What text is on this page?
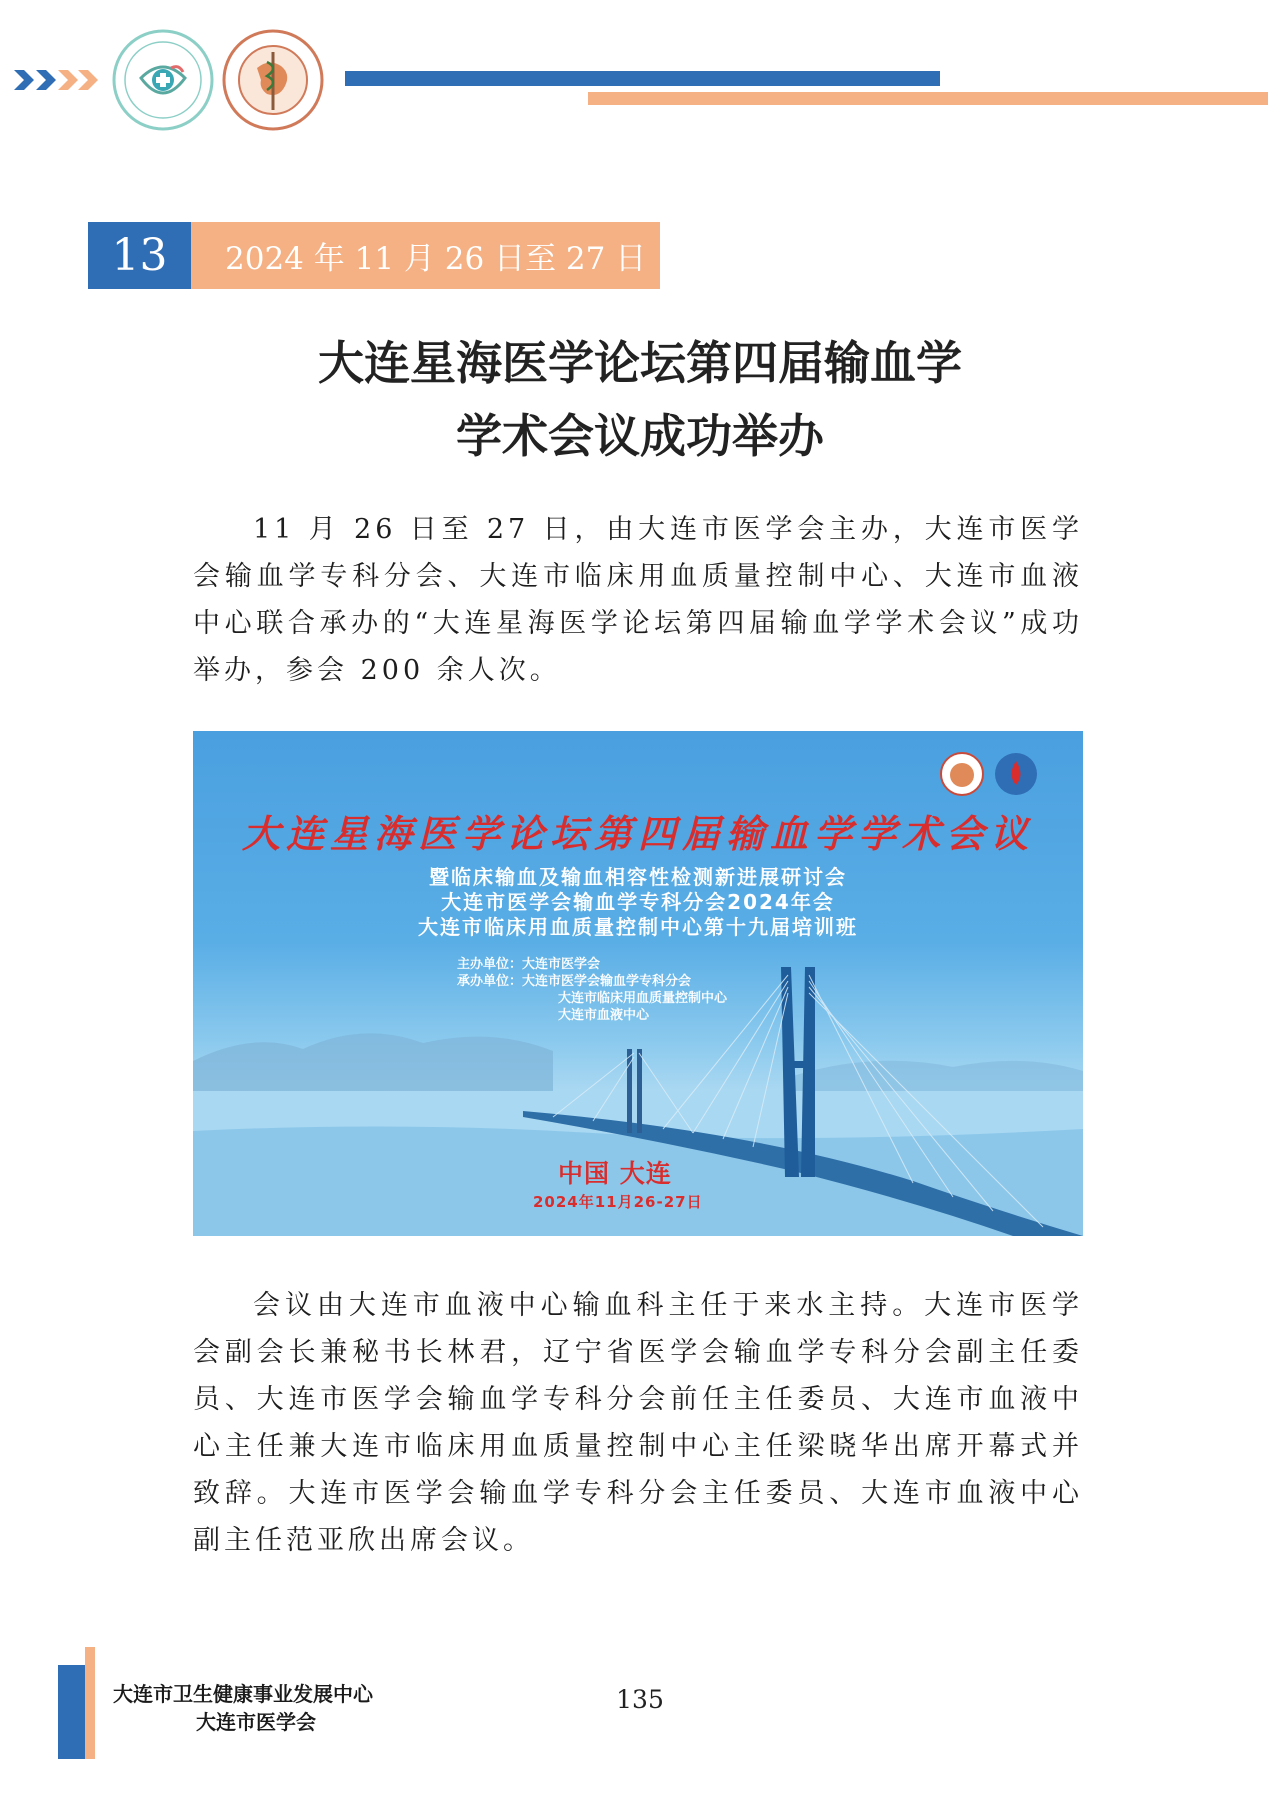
13	2024 年 11 月 26 日至 27 日
大连星海医学论坛第四届输血学
学术会议成功举办
11 月 26 日至 27 日，由大连市医学会主办，大连市医学会输血学专科分会、大连市临床用血质量控制中心、大连市血液中心联合承办的“大连星海医学论坛第四届输血学学术会议”成功举办，参会 200 余人次。
大连星海医学论坛第四届输血学学术会议
暨临床输血及输血相容性检测新进展研讨会
大连市医学会输血学专科分会2024年会
大连市临床用血质量控制中心第十九届培训班
主办单位：大连市医学会
承办单位：大连市医学会输血学专科分会
大连市临床用血质量控制中心
大连市血液中心
中国 大连
2024年11月26-27日
会议由大连市血液中心输血科主任于来水主持。大连市医学会副会长兼秘书长林君，辽宁省医学会输血学专科分会副主任委员、大连市医学会输血学专科分会前任主任委员、大连市血液中心主任兼大连市临床用血质量控制中心主任梁晓华出席开幕式并致辞。大连市医学会输血学专科分会主任委员、大连市血液中心副主任范亚欣出席会议。
大连市卫生健康事业发展中心
大连市医学会
135
